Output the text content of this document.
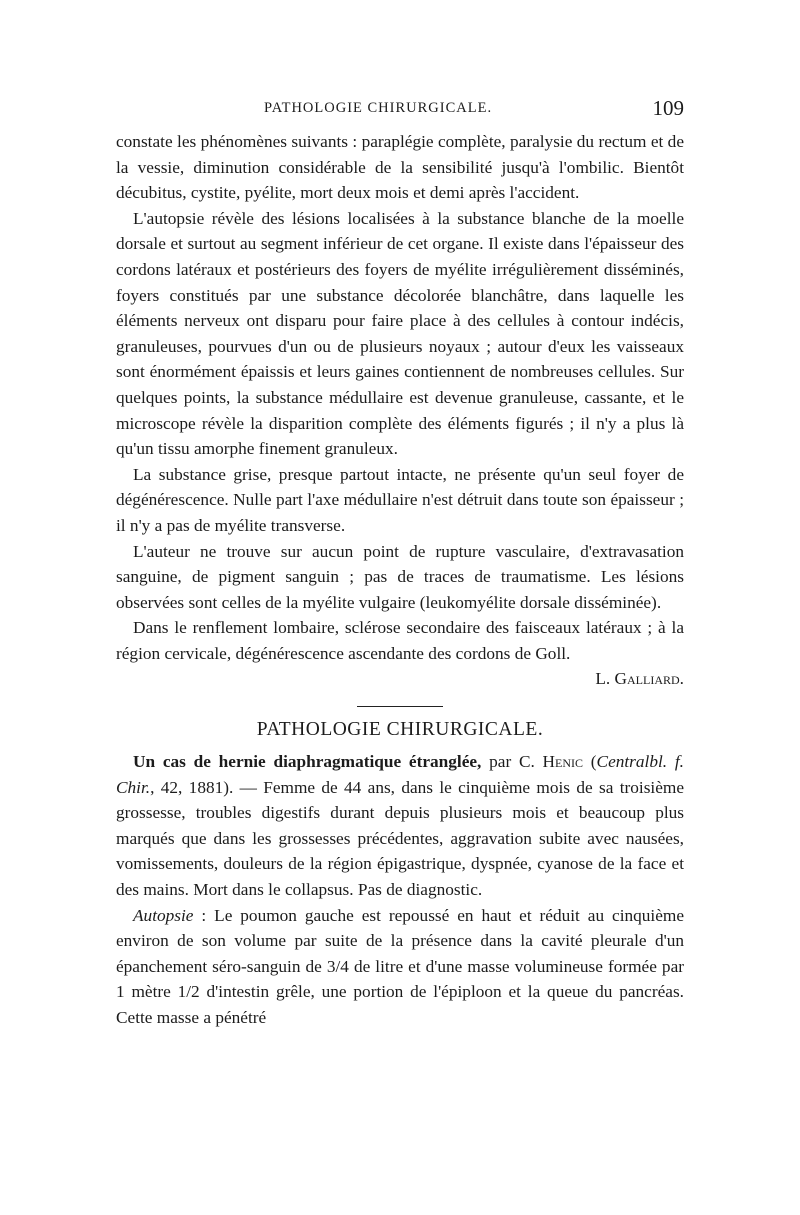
PATHOLOGIE CHIRURGICALE.	109

constate les phénomènes suivants : paraplégie complète, paralysie du rectum et de la vessie, diminution considérable de la sensibilité jusqu'à l'ombilic. Bientôt décubitus, cystite, pyélite, mort deux mois et demi après l'accident.

L'autopsie révèle des lésions localisées à la substance blanche de la moelle dorsale et surtout au segment inférieur de cet organe. Il existe dans l'épaisseur des cordons latéraux et postérieurs des foyers de myélite irrégulièrement disséminés, foyers constitués par une substance décolorée blanchâtre, dans laquelle les éléments nerveux ont disparu pour faire place à des cellules à contour indécis, granuleuses, pourvues d'un ou de plusieurs noyaux ; autour d'eux les vaisseaux sont énormément épaissis et leurs gaines contiennent de nombreuses cellules. Sur quelques points, la substance médullaire est devenue granuleuse, cassante, et le microscope révèle la disparition complète des éléments figurés ; il n'y a plus là qu'un tissu amorphe finement granuleux.

La substance grise, presque partout intacte, ne présente qu'un seul foyer de dégénérescence. Nulle part l'axe médullaire n'est détruit dans toute son épaisseur ; il n'y a pas de myélite transverse.

L'auteur ne trouve sur aucun point de rupture vasculaire, d'extravasation sanguine, de pigment sanguin ; pas de traces de traumatisme. Les lésions observées sont celles de la myélite vulgaire (leukomyélite dorsale disséminée).

Dans le renflement lombaire, sclérose secondaire des faisceaux latéraux ; à la région cervicale, dégénérescence ascendante des cordons de Goll.

L. Galliard.

PATHOLOGIE CHIRURGICALE.

Un cas de hernie diaphragmatique étranglée, par C. Henic (Centralbl. f. Chir., 42, 1881). — Femme de 44 ans, dans le cinquième mois de sa troisième grossesse, troubles digestifs durant depuis plusieurs mois et beaucoup plus marqués que dans les grossesses précédentes, aggravation subite avec nausées, vomissements, douleurs de la région épigastrique, dyspnée, cyanose de la face et des mains. Mort dans le collapsus. Pas de diagnostic.

Autopsie : Le poumon gauche est repoussé en haut et réduit au cinquième environ de son volume par suite de la présence dans la cavité pleurale d'un épanchement séro-sanguin de 3/4 de litre et d'une masse volumineuse formée par 1 mètre 1/2 d'intestin grêle, une portion de l'épiploon et la queue du pancréas. Cette masse a pénétré
